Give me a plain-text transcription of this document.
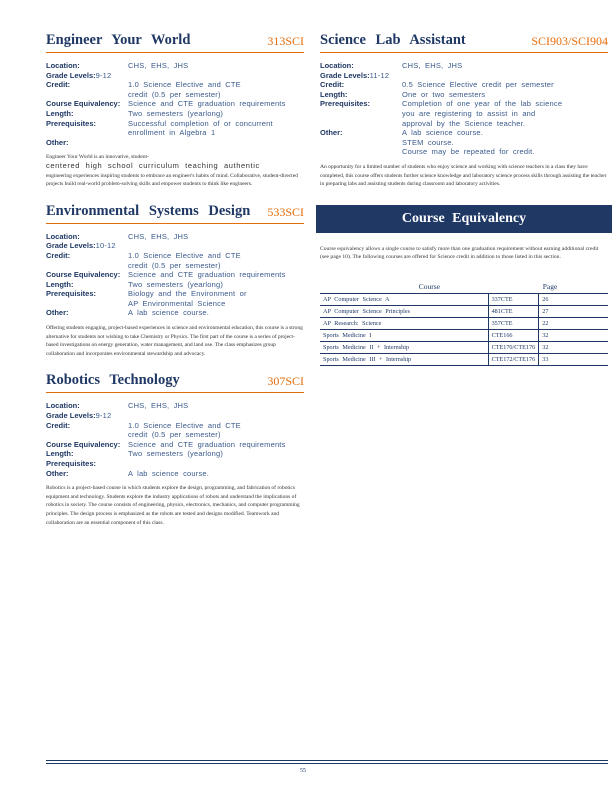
Engineer Your World	313SCI
Location:	CHS, EHS, JHS
Grade Levels: 9-12
Credit:	1.0 Science Elective and CTE
credit (0.5 per semester)
Course Equivalency:	Science and CTE graduation requirements
Length:	Two semesters (yearlong)
Prerequisites:	Successful completion of or concurrent
enrollment in Algebra 1
Other:
Engineer Your World is an innovative, student-
centered high school curriculum teaching authentic
engineering experiences inspiring students to embrace an engineer's habits of mind. Collaborative, student-directed projects build real-world problem-solving skills and empower students to think like engineers.
Environmental Systems Design 533SCI
Location:	CHS, EHS, JHS
Grade Levels: 10-12
Credit:	1.0 Science Elective and CTE
credit (0.5 per semester)
Course Equivalency:	Science and CTE graduation requirements
Length:	Two semesters (yearlong)
Prerequisites:	Biology and the Environment or
AP Environmental Science
Other:	A lab science course.
Offering students engaging, project-based experiences in science and environmental education, this course is a strong alternative for students not wishing to take Chemistry or Physics. The first part of the course is a series of project-based investigations on energy generation, water management, and land use. The class emphasizes group collaboration and incorporates environmental stewardship and advocacy.
Robotics Technology	307SCI
Location:	CHS, EHS, JHS
Grade Levels: 9-12
Credit:	1.0 Science Elective and CTE
credit (0.5 per semester)
Course Equivalency:	Science and CTE graduation requirements
Length:	Two semesters (yearlong)
Prerequisites:
Other:	A lab science course.
Robotics is a project-based course in which students explore the design, programming, and fabrication of robotics equipment and technology. Students explore the industry applications of robots and understand the implications of robotics in society. The course consists of engineering, physics, electronics, mechanics, and computer programming principles. The design process is emphasized as the robots are tested and designs modified. Teamwork and collaboration are an essential component of this class.
Science Lab Assistant	SCI903/SCI904
Location:	CHS, EHS, JHS
Grade Levels: 11-12
Credit:	0.5 Science Elective credit per semester
Length:	One or two semesters
Prerequisites:	Completion of one year of the lab science
you are registering to assist in and
approval by the Science teacher.
Other:	A lab science course.
STEM course.
Course may be repeated for credit.
An opportunity for a limited number of students who enjoy science and working with science teachers in a class they have completed, this course offers students further science knowledge and laboratory science process skills through assisting the teacher in preparing labs and assisting students during classroom and laboratory activities.
Course Equivalency
Course equivalency allows a single course to satisfy more than one graduation requirement without earning additional credit (see page 10). The following courses are offered for Science credit in addition to those listed in this section.
Course		Page
AP Computer Science A	337CTE	26
AP Computer Science Principles	481CTE	27
AP Research: Science	357CTE	22
Sports Medicine I	CTE166	32
Sports Medicine II + Internship	CTE170/CTE176	32
Sports Medicine III + Internship	CTE172/CTE176	33
55
